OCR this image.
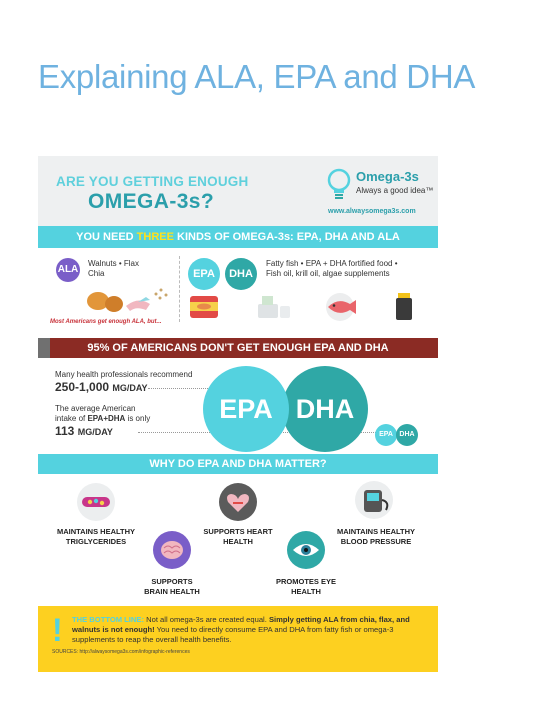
Explaining ALA, EPA and DHA
ARE YOU GETTING ENOUGH
OMEGA-3s?
Omega-3s
Always a good idea™
www.alwaysomega3s.com
YOU NEED THREE KINDS OF OMEGA-3s: EPA, DHA AND ALA
ALA
Walnuts • Flax
Chia
Most Americans get enough ALA, but...
EPA	DHA
Fatty fish • EPA + DHA fortified food •
Fish oil, krill oil, algae supplements
95% OF AMERICANS DON'T GET ENOUGH EPA AND DHA
Many health professionals recommend
250-1,000 MG/DAY
The average American
intake of EPA+DHA is only
113 MG/DAY
DHA
EPA
EPA DHA
WHY DO EPA AND DHA MATTER?
MAINTAINS HEALTHY
TRIGLYCERIDES
SUPPORTS HEART
HEALTH
MAINTAINS HEALTHY
BLOOD PRESSURE
SUPPORTS
BRAIN HEALTH
PROMOTES EYE
HEALTH
! THE BOTTOM LINE: Not all omega-3s are created equal. Simply getting ALA from chia, flax, and walnuts is not enough! You need to directly consume EPA and DHA from fatty fish or omega-3 supplements to reap the overall health benefits.
SOURCES: http://alwaysomega3s.com/infographic-references
